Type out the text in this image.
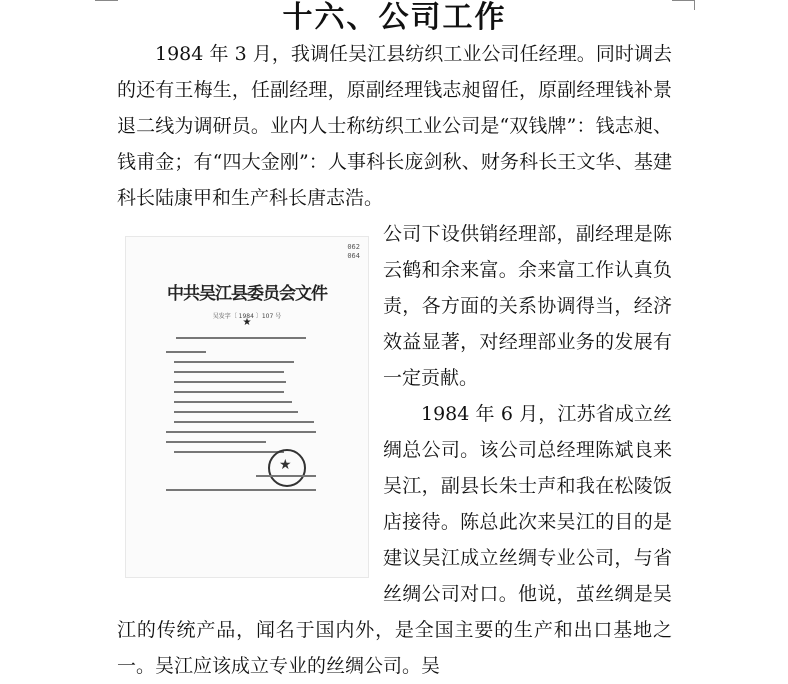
十六、公司工作

1984 年 3 月，我调任吴江县纺织工业公司任经理。同时调去的还有王梅生，任副经理，原副经理钱志昶留任，原副经理钱补景退二线为调研员。业内人士称纺织工业公司是“双钱牌”：钱志昶、钱甫金；有“四大金刚”：人事科长庞剑秋、财务科长王文华、基建科长陆康甲和生产科长唐志浩。

062
064
中共吴江县委员会文件
吴发字〔 1984 〕107 号
★
★

公司下设供销经理部，副经理是陈云鹤和余来富。余来富工作认真负责，各方面的关系协调得当，经济效益显著，对经理部业务的发展有一定贡献。

1984 年 6 月，江苏省成立丝绸总公司。该公司总经理陈斌良来吴江，副县长朱士声和我在松陵饭店接待。陈总此次来吴江的目的是建议吴江成立丝绸专业公司，与省丝绸公司对口。他说，茧丝绸是吴江的传统产品，闻名于国内外，是全国主要的生产和出口基地之一。吴江应该成立专业的丝绸公司。吴
